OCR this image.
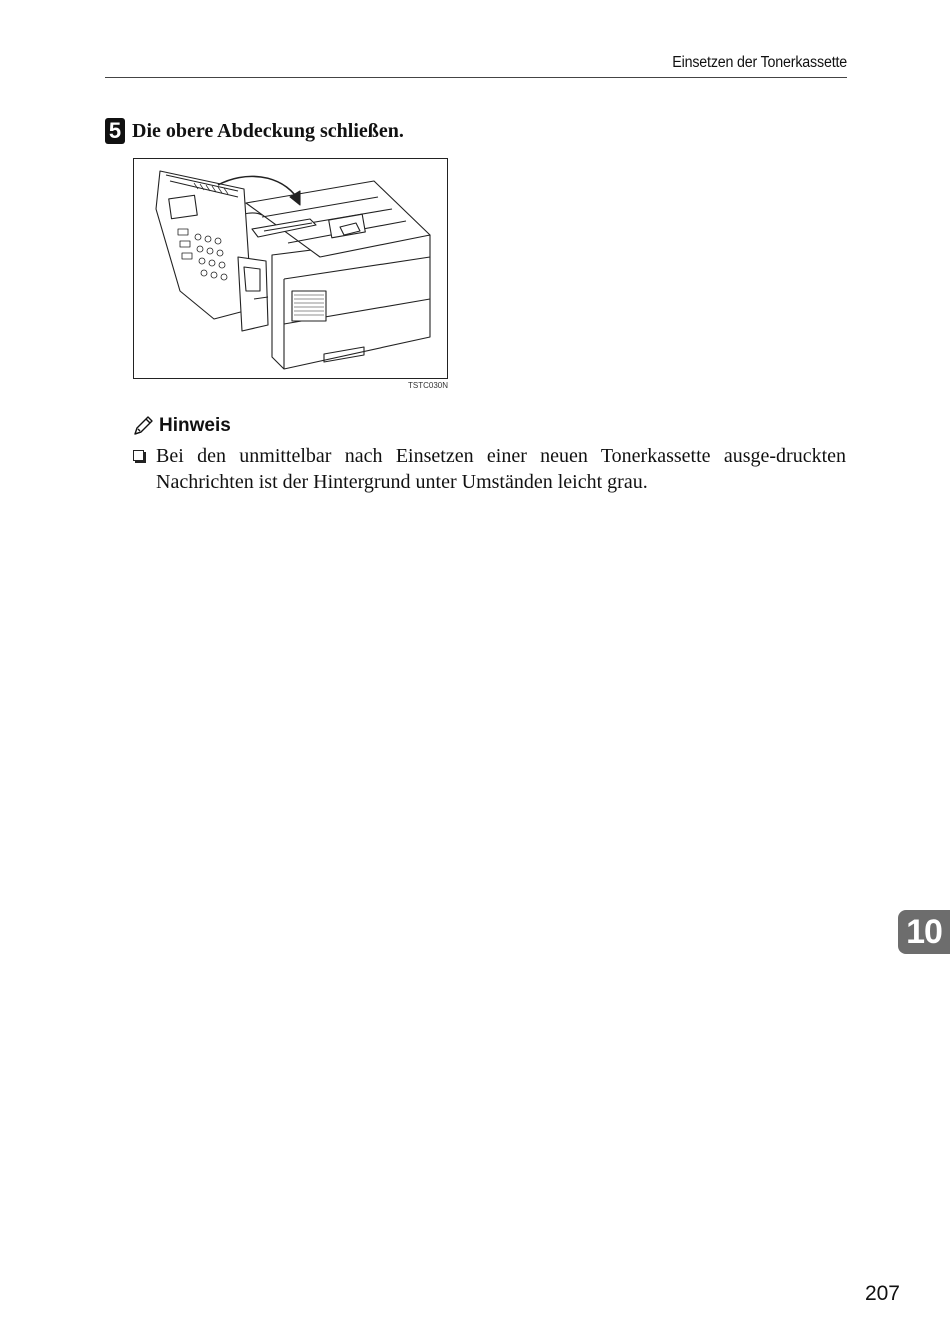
Einsetzen der Tonerkassette
5 Die obere Abdeckung schließen.
TSTC030N
Hinweis
Bei den unmittelbar nach Einsetzen einer neuen Tonerkassette ausge-druckten Nachrichten ist der Hintergrund unter Umständen leicht grau.
10
207
